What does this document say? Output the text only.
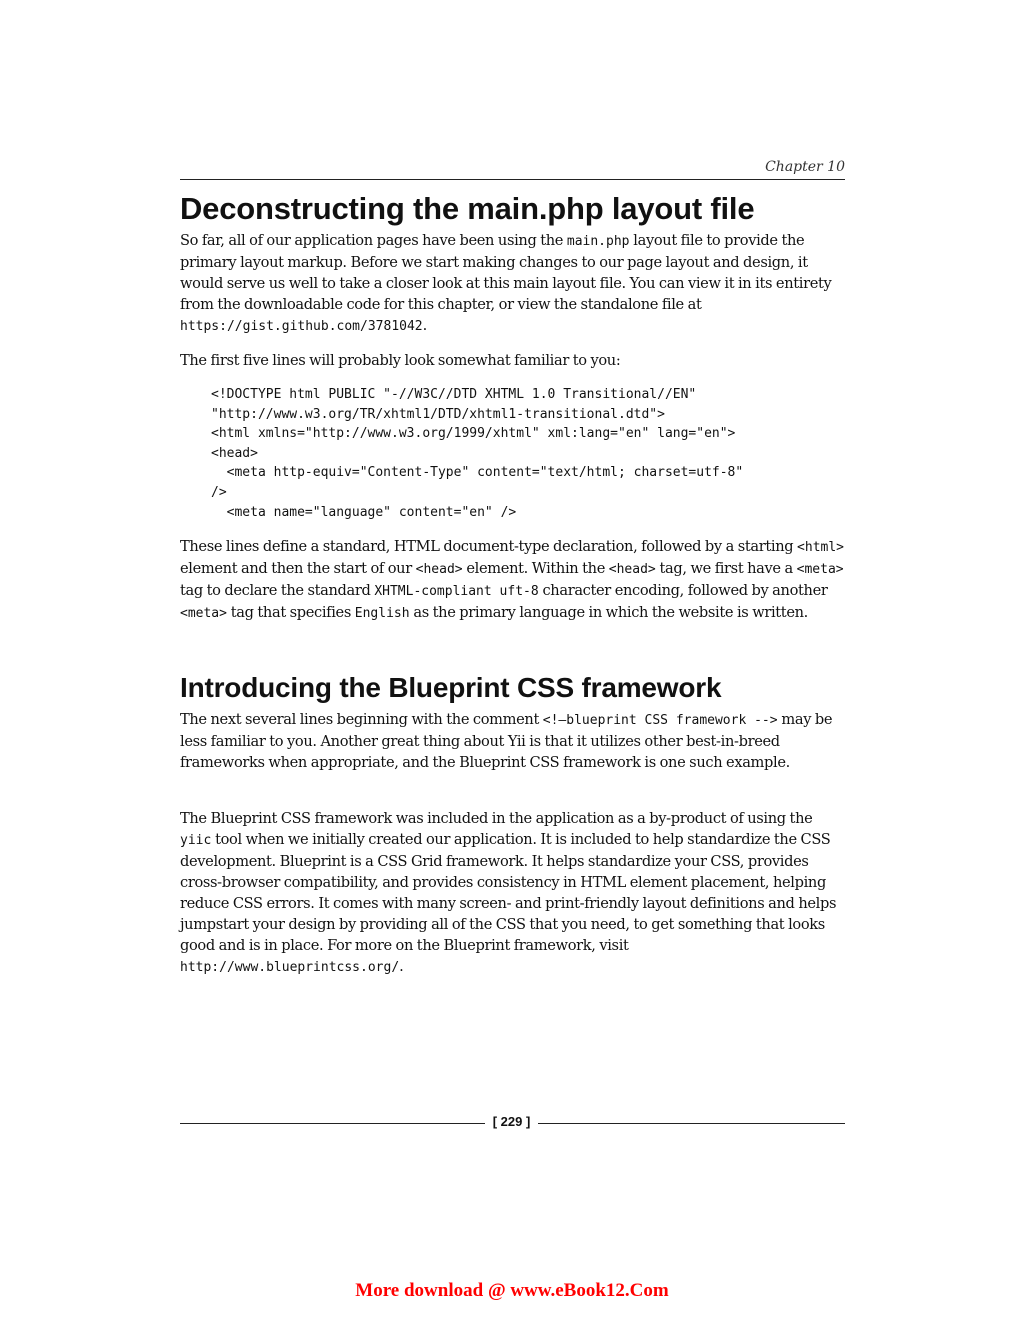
Chapter 10
Deconstructing the main.php layout file

So far, all of our application pages have been using the main.php layout file to provide the primary layout markup. Before we start making changes to our page layout and design, it would serve us well to take a closer look at this main layout file. You can view it in its entirety from the downloadable code for this chapter, or view the standalone file at https://gist.github.com/3781042.

The first five lines will probably look somewhat familiar to you:

<!DOCTYPE html PUBLIC "-//W3C//DTD XHTML 1.0 Transitional//EN"
"http://www.w3.org/TR/xhtml1/DTD/xhtml1-transitional.dtd">
<html xmlns="http://www.w3.org/1999/xhtml" xml:lang="en" lang="en">
<head>
<meta http-equiv="Content-Type" content="text/html; charset=utf-8"
/>
<meta name="language" content="en" />

These lines define a standard, HTML document-type declaration, followed by a starting <html> element and then the start of our <head> element. Within the <head> tag, we first have a <meta> tag to declare the standard XHTML-compliant uft-8 character encoding, followed by another <meta> tag that specifies English as the primary language in which the website is written.

Introducing the Blueprint CSS framework

The next several lines beginning with the comment <!—blueprint CSS framework --> may be less familiar to you. Another great thing about Yii is that it utilizes other best-in-breed frameworks when appropriate, and the Blueprint CSS framework is one such example.

The Blueprint CSS framework was included in the application as a by-product of using the yiic tool when we initially created our application. It is included to help standardize the CSS development. Blueprint is a CSS Grid framework. It helps standardize your CSS, provides cross-browser compatibility, and provides consistency in HTML element placement, helping reduce CSS errors. It comes with many screen- and print-friendly layout definitions and helps jumpstart your design by providing all of the CSS that you need, to get something that looks good and is in place. For more on the Blueprint framework, visit http://www.blueprintcss.org/.

[ 229 ]
More download @ www.eBook12.Com
